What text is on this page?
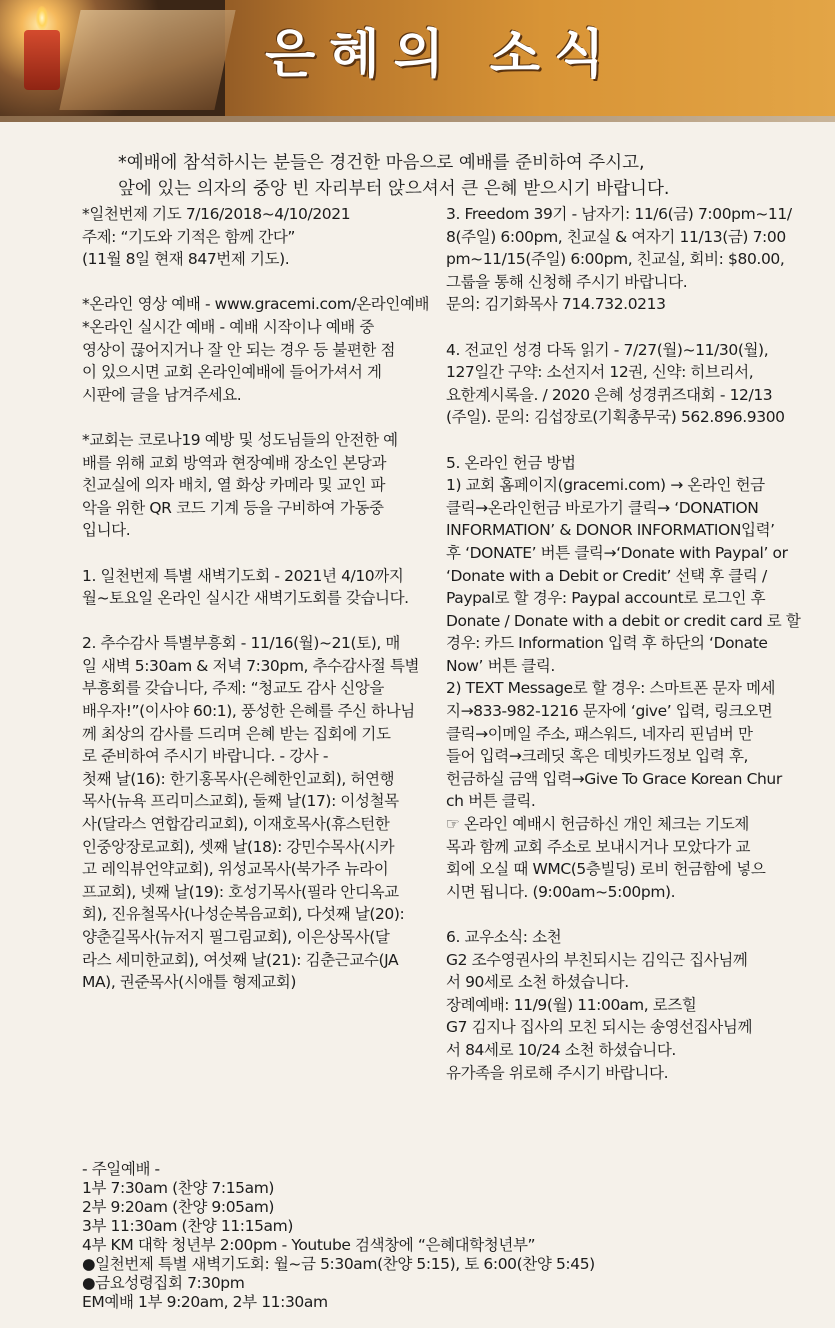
은혜의 소식
*예배에 참석하시는 분들은 경건한 마음으로 예배를 준비하여 주시고,
앞에 있는 의자의 중앙 빈 자리부터 앉으셔서 큰 은혜 받으시기 바랍니다.
*일천번제 기도 7/16/2018~4/10/2021
주제: “기도와 기적은 함께 간다”
(11월 8일 현재 847번제 기도).
*온라인 영상 예배 - www.gracemi.com/온라인예배
*온라인 실시간 예배 - 예배 시작이나 예배 중
영상이 끊어지거나 잘 안 되는 경우 등 불편한 점
이 있으시면 교회 온라인예배에 들어가셔서 게
시판에 글을 남겨주세요.
*교회는 코로나19 예방 및 성도님들의 안전한 예
배를 위해 교회 방역과 현장예배 장소인 본당과
친교실에 의자 배치, 열 화상 카메라 및 교인 파
악을 위한 QR 코드 기계 등을 구비하여 가동중
입니다.
1. 일천번제 특별 새벽기도회 - 2021년 4/10까지
월~토요일 온라인 실시간 새벽기도회를 갖습니다.
2. 추수감사 특별부흥회 - 11/16(월)~21(토), 매
일 새벽 5:30am & 저녁 7:30pm, 추수감사절 특별
부흥회를 갖습니다, 주제: “청교도 감사 신앙을
배우자!”(이사야 60:1), 풍성한 은혜를 주신 하나님
께 최상의 감사를 드리며 은혜 받는 집회에 기도
로 준비하여 주시기 바랍니다. - 강사 -
첫째 날(16): 한기홍목사(은혜한인교회), 허연행
목사(뉴욕 프리미스교회), 둘째 날(17): 이성철목
사(달라스 연합감리교회), 이재호목사(휴스턴한
인중앙장로교회), 셋째 날(18): 강민수목사(시카
고 레익뷰언약교회), 위성교목사(북가주 뉴라이
프교회), 넷째 날(19): 호성기목사(필라 안디옥교
회), 진유철목사(나성순복음교회), 다섯째 날(20):
양춘길목사(뉴저지 필그림교회), 이은상목사(달
라스 세미한교회), 여섯째 날(21): 김춘근교수(JA
MA), 권준목사(시애틀 형제교회)
3. Freedom 39기 - 남자기: 11/6(금) 7:00pm~11/
8(주일) 6:00pm, 친교실 & 여자기 11/13(금) 7:00
pm~11/15(주일) 6:00pm, 친교실, 회비: $80.00,
그룹을 통해 신청해 주시기 바랍니다.
문의: 김기화목사 714.732.0213
4. 전교인 성경 다독 읽기 - 7/27(월)~11/30(월),
127일간 구약: 소선지서 12권, 신약: 히브리서,
요한계시록을. / 2020 은혜 성경퀴즈대회 - 12/13
(주일). 문의: 김섭장로(기획총무국) 562.896.9300
5. 온라인 헌금 방법
1) 교회 홈페이지(gracemi.com) → 온라인 헌금
클릭→온라인헌금 바로가기 클릭→ ‘DONATION
INFORMATION’ & DONOR INFORMATION입력’
후 ‘DONATE’ 버튼 클릭→‘Donate with Paypal’ or
‘Donate with a Debit or Credit’ 선택 후 클릭 /
Paypal로 할 경우: Paypal account로 로그인 후
Donate / Donate with a debit or credit card 로 할
경우: 카드 Information 입력 후 하단의 ‘Donate
Now’ 버튼 클릭.
2) TEXT Message로 할 경우: 스마트폰 문자 메세
지→833-982-1216 문자에 ‘give’ 입력, 링크오면
클릭→이메일 주소, 패스워드, 네자리 핀넘버 만
들어 입력→크레딧 혹은 데빗카드정보 입력 후,
헌금하실 금액 입력→Give To Grace Korean Chur
ch 버튼 클릭.
☞ 온라인 예배시 헌금하신 개인 체크는 기도제
목과 함께 교회 주소로 보내시거나 모았다가 교
회에 오실 때 WMC(5층빌딩) 로비 헌금함에 넣으
시면 됩니다. (9:00am~5:00pm).
6. 교우소식: 소천
G2 조수영권사의 부친되시는 김익근 집사님께
서 90세로 소천 하셨습니다.
장례예배: 11/9(월) 11:00am, 로즈힐
G7 김지나 집사의 모친 되시는 송영선집사님께
서 84세로 10/24 소천 하셨습니다.
유가족을 위로해 주시기 바랍니다.
- 주일예배 -
1부 7:30am (찬양 7:15am)
2부 9:20am (찬양 9:05am)
3부 11:30am (찬양 11:15am)
4부 KM 대학 청년부 2:00pm - Youtube 검색창에 “은혜대학청년부”
●일천번제 특별 새벽기도회: 월~금 5:30am(찬양 5:15), 토 6:00(찬양 5:45)
●금요성령집회 7:30pm
EM예배 1부 9:20am, 2부 11:30am
